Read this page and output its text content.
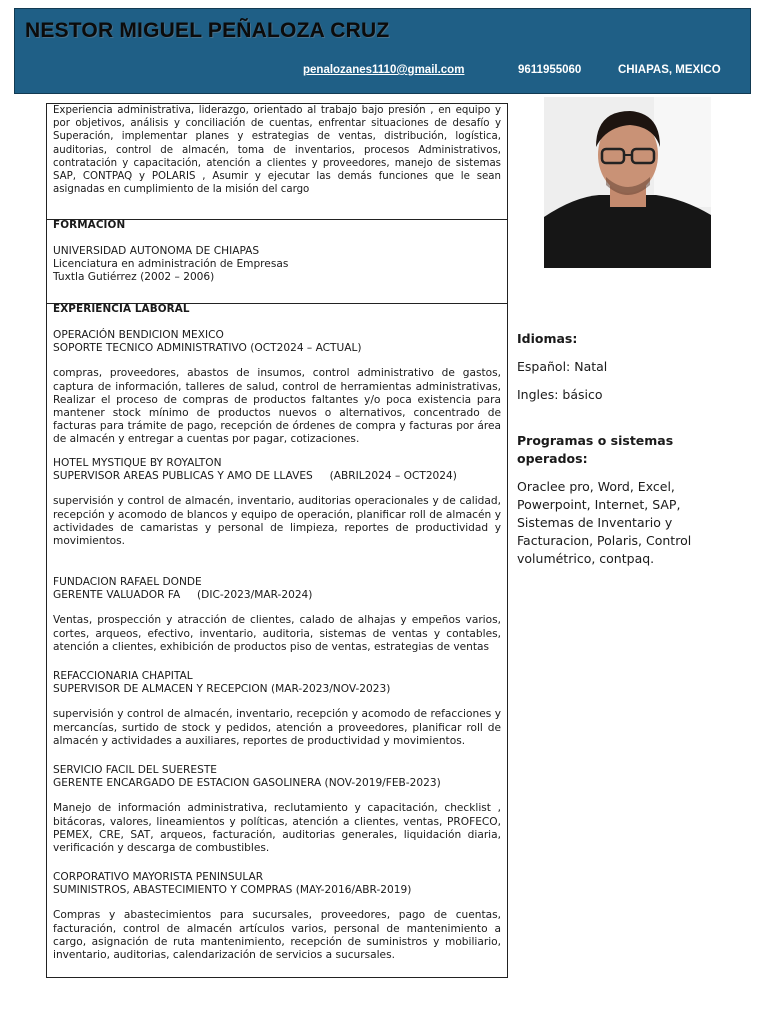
NESTOR MIGUEL PEÑALOZA CRUZ
penalozanes1110@gmail.com	9611955060	CHIAPAS, MEXICO

Experiencia administrativa, liderazgo, orientado al trabajo bajo presión , en equipo y por objetivos, análisis y conciliación de cuentas, enfrentar situaciones de desafío y Superación, implementar planes y estrategias de ventas, distribución, logística, auditorias, control de almacén, toma de inventarios, procesos Administrativos, contratación y capacitación, atención a clientes y proveedores, manejo de sistemas SAP, CONTPAQ y POLARIS , Asumir y ejecutar las demás funciones que le sean asignadas en cumplimiento de la misión del cargo

FORMACION

UNIVERSIDAD AUTONOMA DE CHIAPAS

Licenciatura en administración de Empresas

Tuxtla Gutiérrez (2002 – 2006)

EXPERIENCIA LABORAL

OPERACIÓN BENDICION MEXICO

SOPORTE TECNICO ADMINISTRATIVO (OCT2024 – ACTUAL)

compras, proveedores, abastos de insumos, control administrativo de gastos, captura de información, talleres de salud, control de herramientas administrativas, Realizar el proceso de compras de productos faltantes y/o poca existencia para mantener stock mínimo de productos nuevos o alternativos, concentrado de facturas para trámite de pago, recepción de órdenes de compra y facturas por área de almacén y entregar a cuentas por pagar, cotizaciones.

HOTEL MYSTIQUE BY ROYALTON

SUPERVISOR AREAS PUBLICAS Y AMO DE LLAVES     (ABRIL2024 – OCT2024)

supervisión y control de almacén, inventario, auditorias operacionales y de calidad, recepción y acomodo de blancos y equipo de operación, planificar roll de almacén y actividades de camaristas y personal de limpieza, reportes de productividad y movimientos.

FUNDACION RAFAEL DONDE

GERENTE VALUADOR FA     (DIC-2023/MAR-2024)

Ventas, prospección y atracción de clientes, calado de alhajas y empeños varios, cortes, arqueos, efectivo, inventario, auditoria, sistemas de ventas y contables, atención a clientes, exhibición de productos piso de ventas, estrategias de ventas

REFACCIONARIA CHAPITAL

SUPERVISOR DE ALMACEN Y RECEPCION (MAR-2023/NOV-2023)

supervisión y control de almacén, inventario, recepción y acomodo de refacciones y mercancías, surtido de stock y pedidos, atención a proveedores, planificar roll de almacén y actividades a auxiliares, reportes de productividad y movimientos.

SERVICIO FACIL DEL SUERESTE

GERENTE ENCARGADO DE ESTACION GASOLINERA (NOV-2019/FEB-2023)

Manejo de información administrativa, reclutamiento y capacitación, checklist , bitácoras, valores, lineamientos y políticas, atención a clientes, ventas, PROFECO, PEMEX, CRE, SAT, arqueos, facturación, auditorias generales, liquidación diaria, verificación y descarga de combustibles.

CORPORATIVO MAYORISTA PENINSULAR

SUMINISTROS, ABASTECIMIENTO Y COMPRAS (MAY-2016/ABR-2019)

Compras y abastecimientos para sucursales, proveedores, pago de cuentas, facturación, control de almacén artículos varios, personal de mantenimiento a cargo, asignación de ruta mantenimiento, recepción de suministros y mobiliario, inventario, auditorias, calendarización de servicios a sucursales.

Idiomas:

Español: Natal

Ingles: básico

Programas o sistemas operados:

Oraclee pro, Word, Excel, Powerpoint, Internet, SAP, Sistemas de Inventario y Facturacion, Polaris, Control volumétrico, contpaq.
